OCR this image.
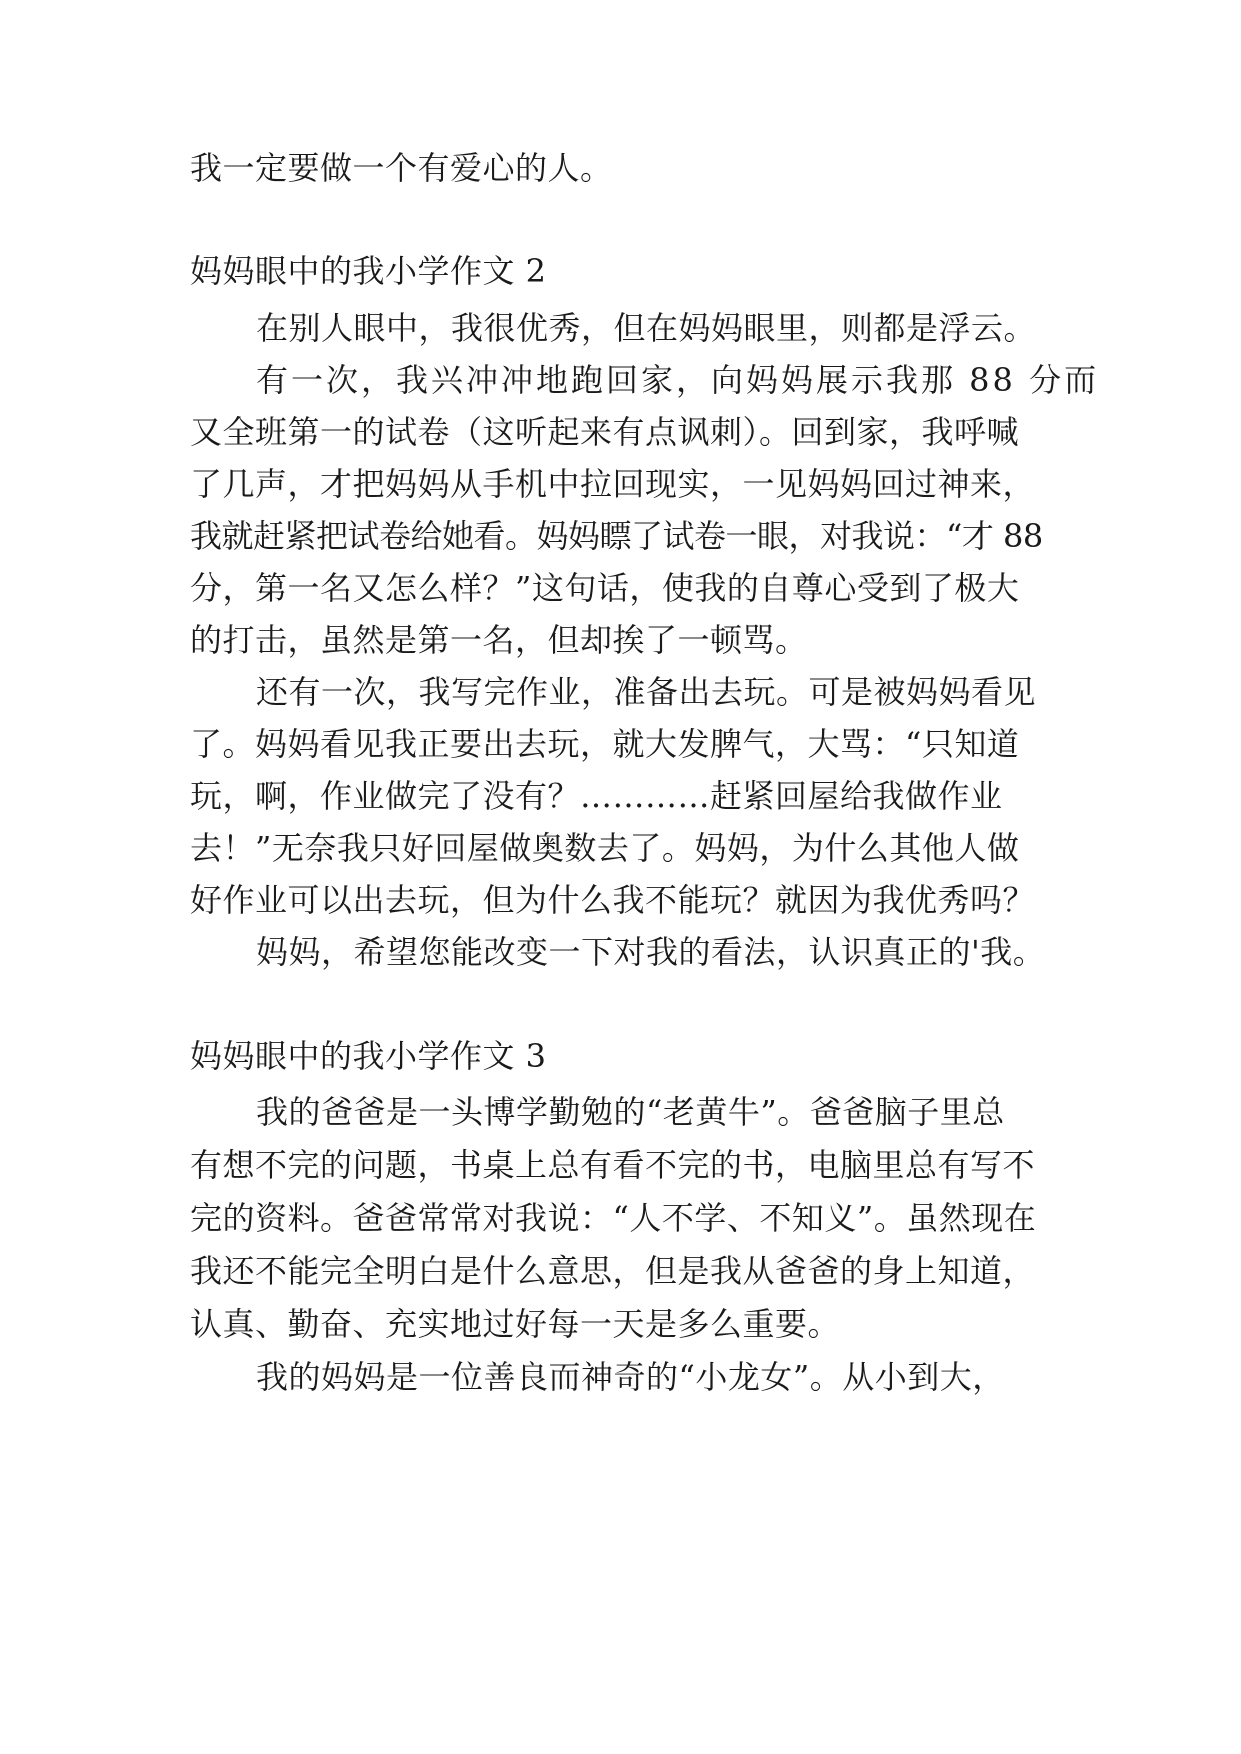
我一定要做一个有爱心的人。
妈妈眼中的我小学作文 2
在别人眼中，我很优秀，但在妈妈眼里，则都是浮云。
有一次，我兴冲冲地跑回家，向妈妈展示我那 88 分而
又全班第一的试卷（这听起来有点讽刺）。回到家，我呼喊
了几声，才把妈妈从手机中拉回现实，一见妈妈回过神来，
我就赶紧把试卷给她看。妈妈瞟了试卷一眼，对我说：“才 88
分，第一名又怎么样？”这句话，使我的自尊心受到了极大
的打击，虽然是第一名，但却挨了一顿骂。
还有一次，我写完作业，准备出去玩。可是被妈妈看见
了。妈妈看见我正要出去玩，就大发脾气，大骂：“只知道
玩，啊，作业做完了没有？…………赶紧回屋给我做作业
去！”无奈我只好回屋做奥数去了。妈妈，为什么其他人做
好作业可以出去玩，但为什么我不能玩？就因为我优秀吗？
妈妈，希望您能改变一下对我的看法，认识真正的'我。
妈妈眼中的我小学作文 3
我的爸爸是一头博学勤勉的“老黄牛”。爸爸脑子里总
有想不完的问题，书桌上总有看不完的书，电脑里总有写不
完的资料。爸爸常常对我说：“人不学、不知义”。虽然现在
我还不能完全明白是什么意思，但是我从爸爸的身上知道，
认真、勤奋、充实地过好每一天是多么重要。
我的妈妈是一位善良而神奇的“小龙女”。从小到大，
